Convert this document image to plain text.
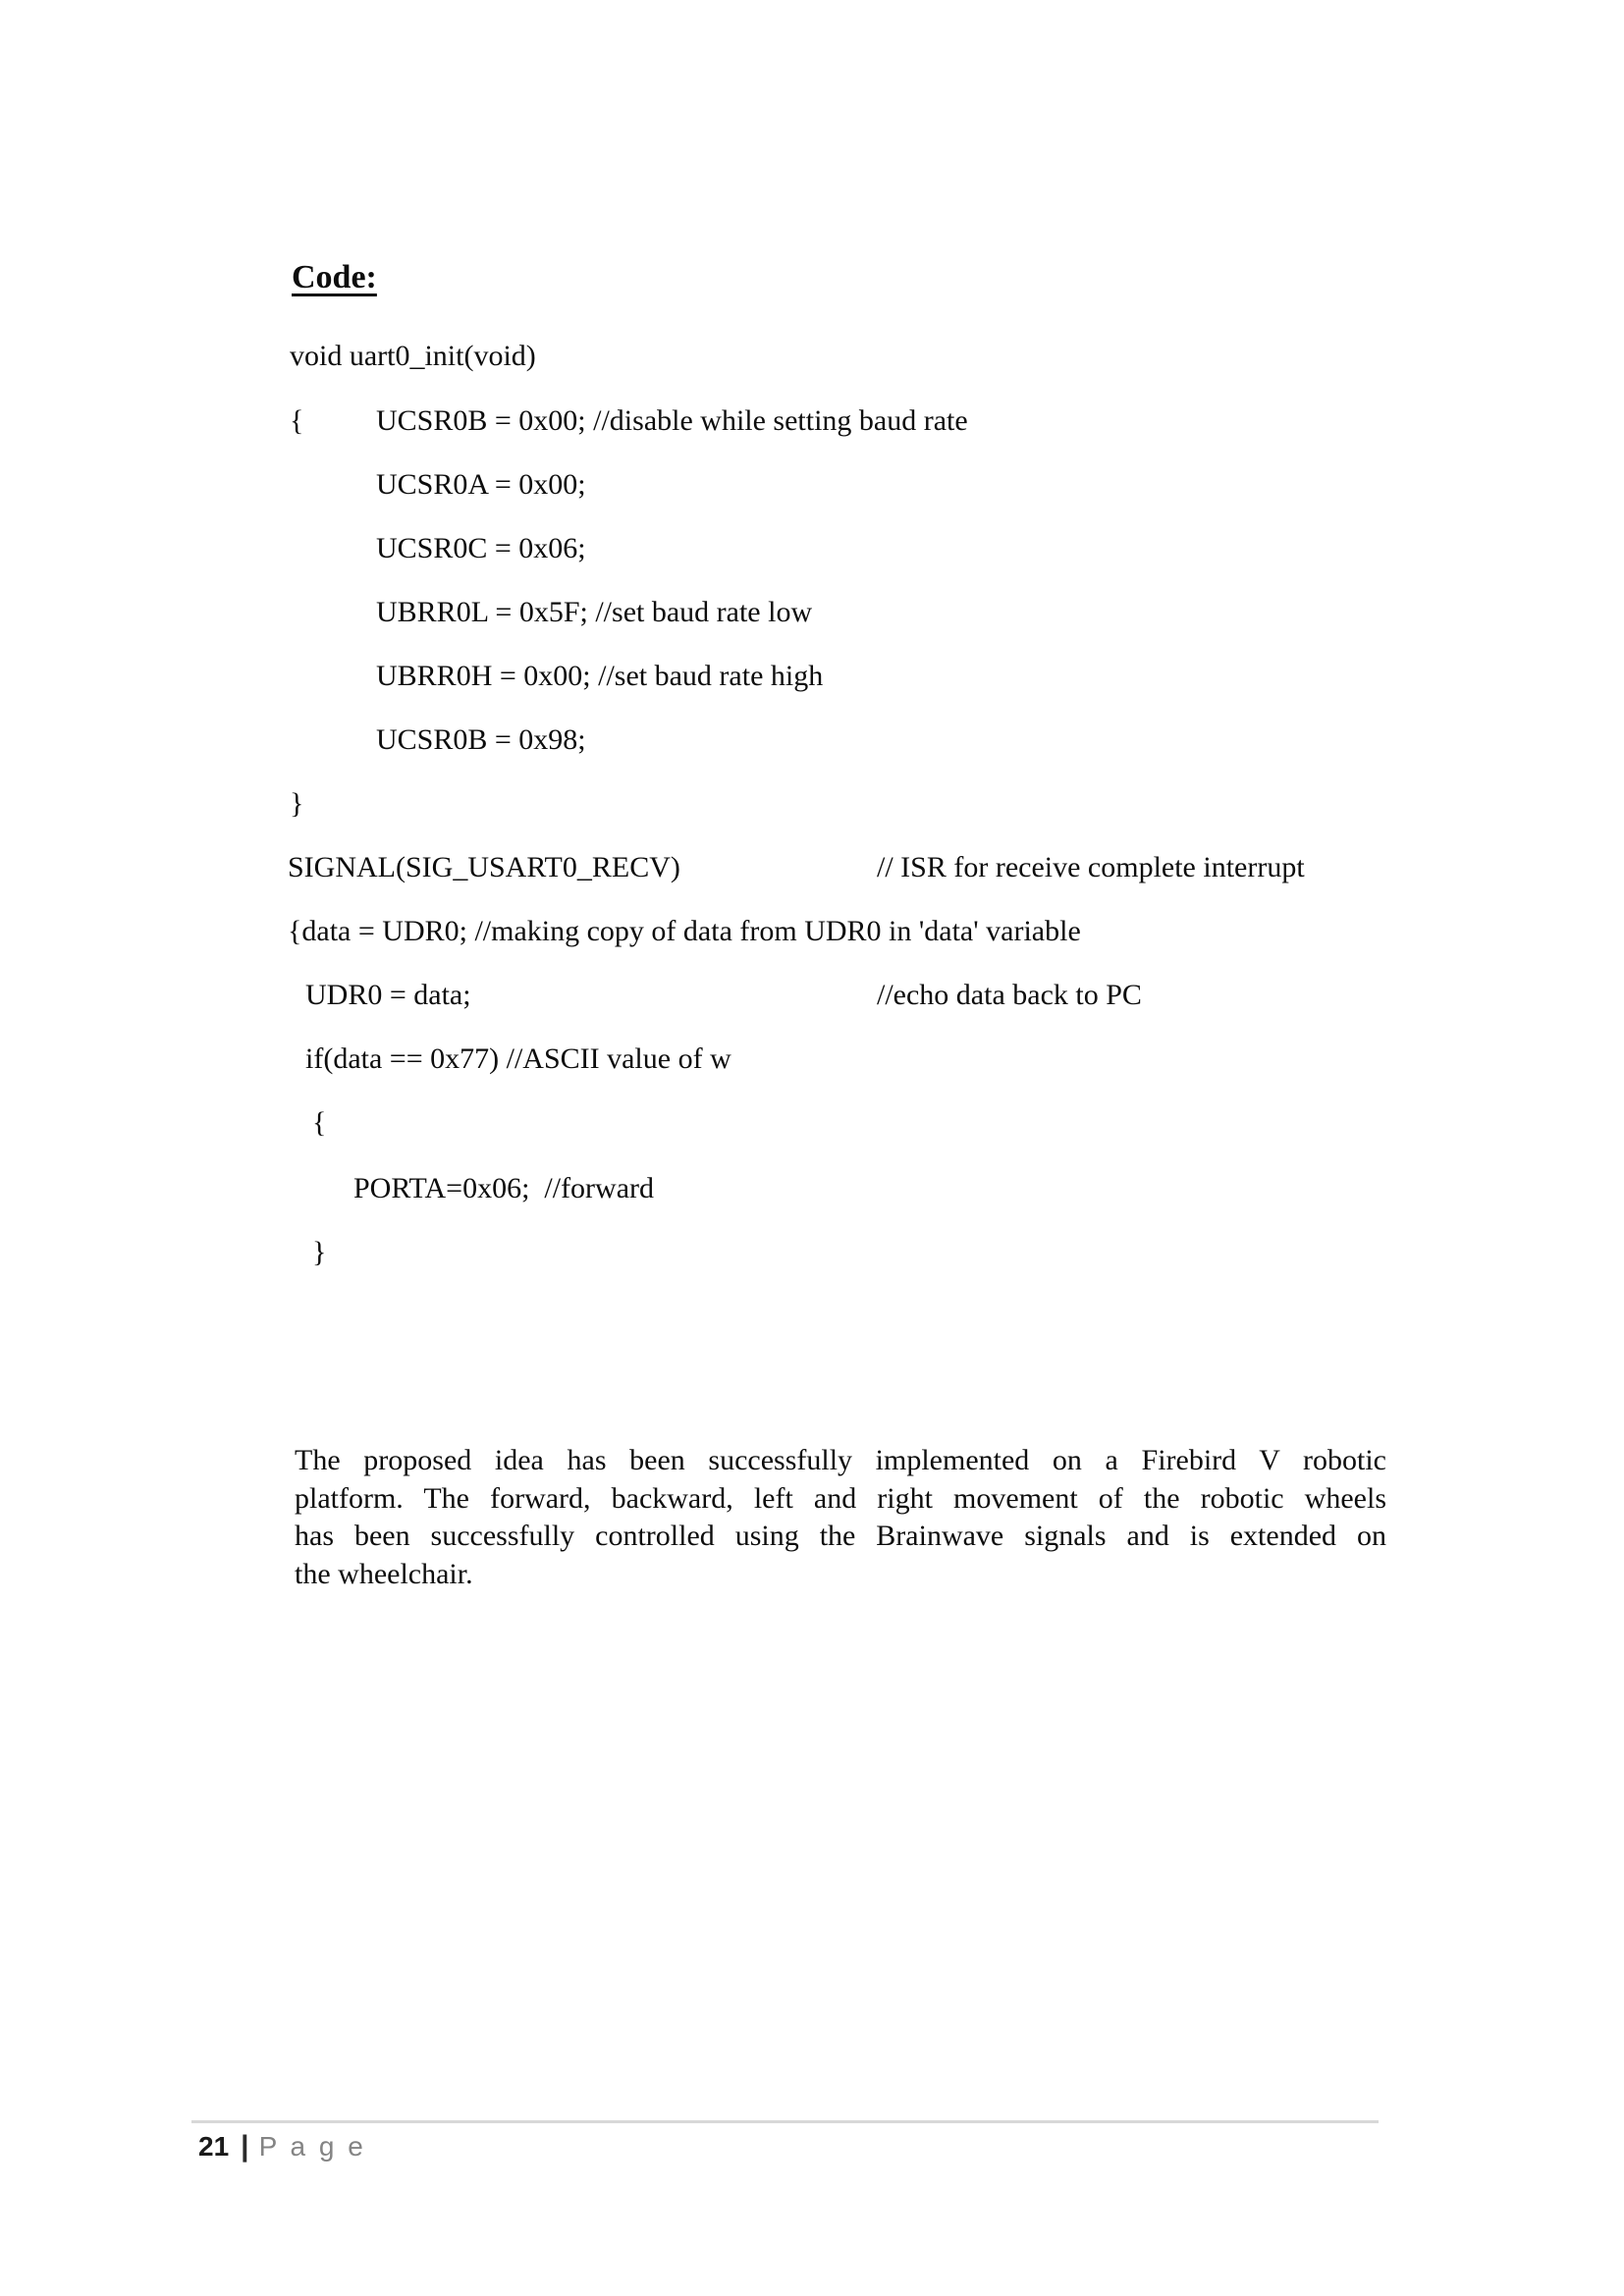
Code:

void uart0_init(void)

{

UCSR0B = 0x00; //disable while setting baud rate

UCSR0A = 0x00;

UCSR0C = 0x06;

UBRR0L = 0x5F; //set baud rate low

UBRR0H = 0x00; //set baud rate high

UCSR0B = 0x98;

}

SIGNAL(SIG_USART0_RECV)

	// ISR for receive complete interrupt

{data = UDR0; //making copy of data from UDR0 in 'data' variable

UDR0 = data;

	//echo data back to PC

if(data == 0x77) //ASCII value of w

{

PORTA=0x06;  //forward

}

The proposed idea has been successfully implemented on a Firebird V robotic
platform. The forward, backward, left and right movement of the robotic wheels
has been successfully controlled using the Brainwave signals and is extended on
the wheelchair.
21 | P a g e
